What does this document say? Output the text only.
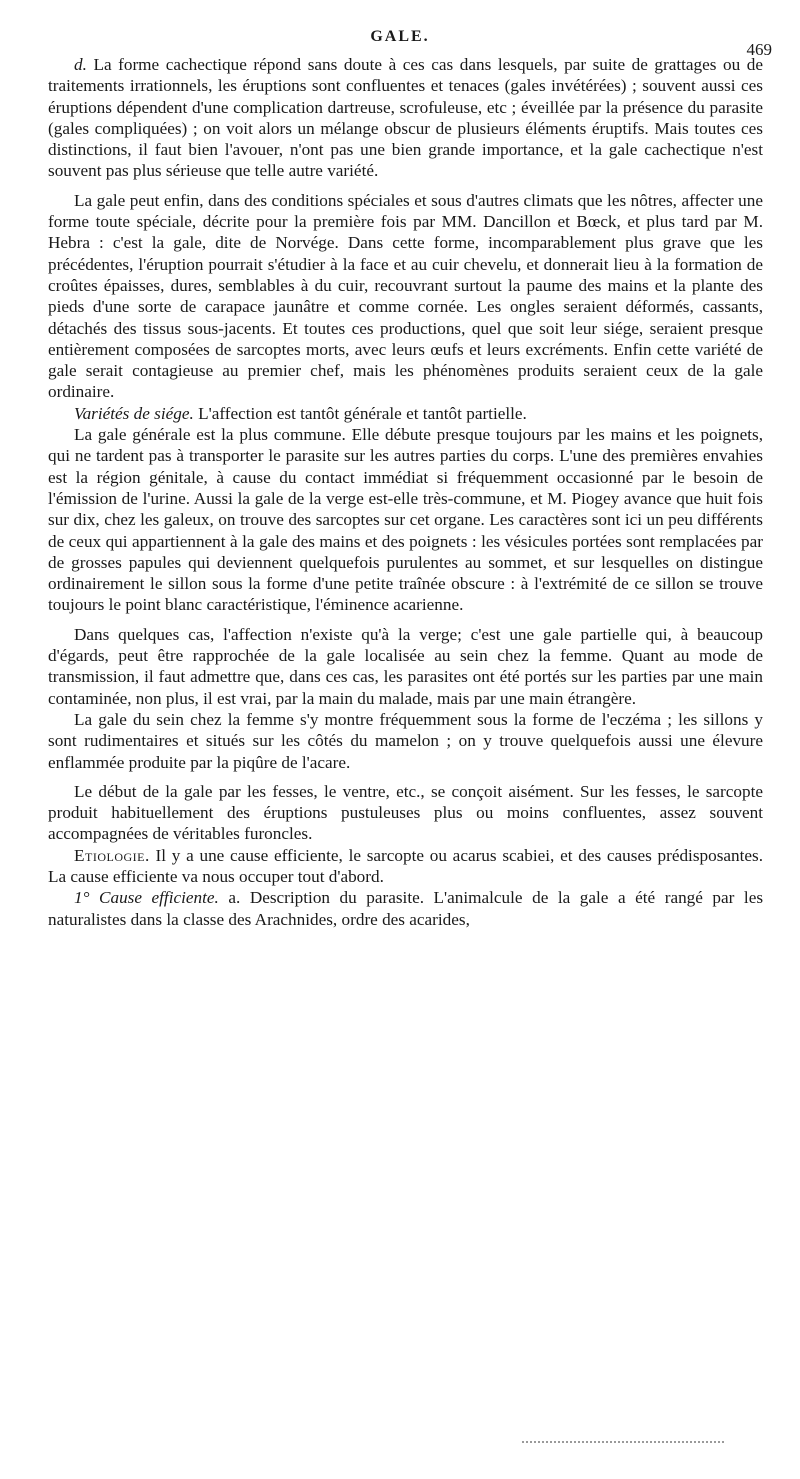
GALE.
469

d. La forme cachectique répond sans doute à ces cas dans lesquels, par suite de grattages ou de traitements irrationnels, les éruptions sont confluentes et tenaces (gales invétérées) ; souvent aussi ces éruptions dépendent d'une complication dartreuse, scrofuleuse, etc ; éveillée par la présence du parasite (gales compliquées) ; on voit alors un mélange obscur de plusieurs éléments éruptifs. Mais toutes ces distinctions, il faut bien l'avouer, n'ont pas une bien grande importance, et la gale cachectique n'est souvent pas plus sérieuse que telle autre variété.

La gale peut enfin, dans des conditions spéciales et sous d'autres climats que les nôtres, affecter une forme toute spéciale, décrite pour la première fois par MM. Dancillon et Bœck, et plus tard par M. Hebra : c'est la gale, dite de Norvége. Dans cette forme, incomparablement plus grave que les précédentes, l'éruption pourrait s'étudier à la face et au cuir chevelu, et donnerait lieu à la formation de croûtes épaisses, dures, semblables à du cuir, recouvrant surtout la paume des mains et la plante des pieds d'une sorte de carapace jaunâtre et comme cornée. Les ongles seraient déformés, cassants, détachés des tissus sous-jacents. Et toutes ces productions, quel que soit leur siége, seraient presque entièrement composées de sarcoptes morts, avec leurs œufs et leurs excréments. Enfin cette variété de gale serait contagieuse au premier chef, mais les phénomènes produits seraient ceux de la gale ordinaire.

Variétés de siége. L'affection est tantôt générale et tantôt partielle.

La gale générale est la plus commune. Elle débute presque toujours par les mains et les poignets, qui ne tardent pas à transporter le parasite sur les autres parties du corps. L'une des premières envahies est la région génitale, à cause du contact immédiat si fréquemment occasionné par le besoin de l'émission de l'urine. Aussi la gale de la verge est-elle très-commune, et M. Piogey avance que huit fois sur dix, chez les galeux, on trouve des sarcoptes sur cet organe. Les caractères sont ici un peu différents de ceux qui appartiennent à la gale des mains et des poignets : les vésicules portées sont remplacées par de grosses papules qui deviennent quelquefois purulentes au sommet, et sur lesquelles on distingue ordinairement le sillon sous la forme d'une petite traînée obscure : à l'extrémité de ce sillon se trouve toujours le point blanc caractéristique, l'éminence acarienne.

Dans quelques cas, l'affection n'existe qu'à la verge; c'est une gale partielle qui, à beaucoup d'égards, peut être rapprochée de la gale localisée au sein chez la femme. Quant au mode de transmission, il faut admettre que, dans ces cas, les parasites ont été portés sur les parties par une main contaminée, non plus, il est vrai, par la main du malade, mais par une main étrangère.

La gale du sein chez la femme s'y montre fréquemment sous la forme de l'eczéma ; les sillons y sont rudimentaires et situés sur les côtés du mamelon ; on y trouve quelquefois aussi une élevure enflammée produite par la piqûre de l'acare.

Le début de la gale par les fesses, le ventre, etc., se conçoit aisément. Sur les fesses, le sarcopte produit habituellement des éruptions pustuleuses plus ou moins confluentes, assez souvent accompagnées de véritables furoncles.

Etiologie. Il y a une cause efficiente, le sarcopte ou acarus scabiei, et des causes prédisposantes. La cause efficiente va nous occuper tout d'abord.

1° Cause efficiente. a. Description du parasite. L'animalcule de la gale a été rangé par les naturalistes dans la classe des Arachnides, ordre des acarides,
